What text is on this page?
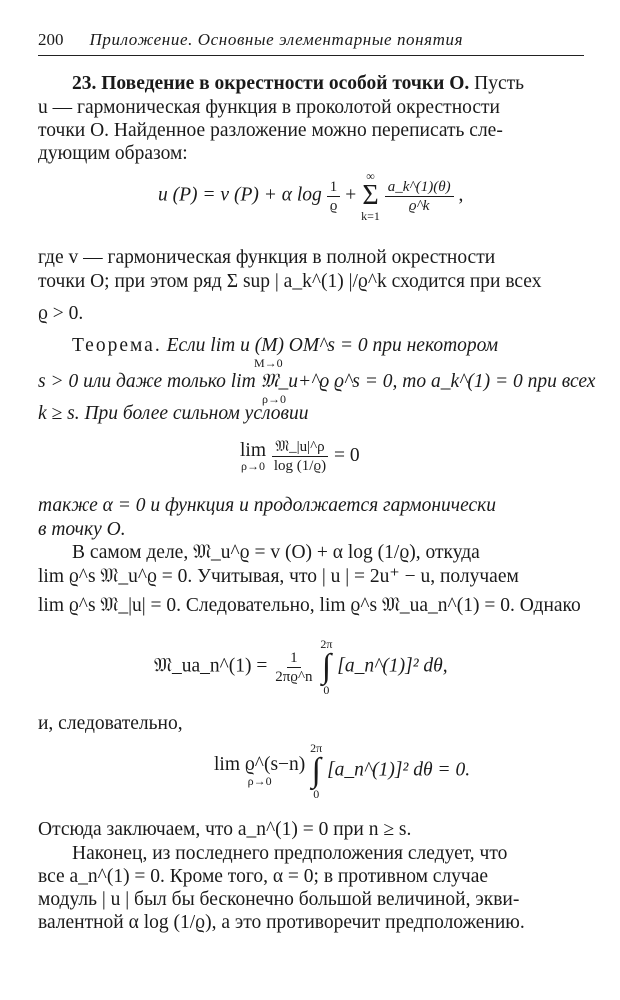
200 Приложение. Основные элементарные понятия
23. Поведение в окрестности особой точки O. Пусть
u — гармоническая функция в проколотой окрестности
точки O. Найденное разложение можно переписать сле-
дующим образом:
u (P) = v (P) + α $\log \frac{1}{ϱ}$ +
∞
Σ
k=1

$\frac{a\_k\^{}(1)(\theta)}{ϱ\^{}k}$ ,
где v — гармоническая функция в полной окрестности
точки O; при этом ряд Σ sup | a_k^(1) |/ϱ^k сходится при всех
ϱ > 0.
Теорема. Если lim u (M) OM^s = 0 при некотором
M→0
s > 0 или даже только lim 𝔐_u+^ϱ ϱ^s = 0, то a_k^(1) = 0 при всех
ρ→0
k ≥ s. При более сильном условии
lim
ρ→0
$\frac{\text{𝔐\_|u|\textasciicircum{}ρ}}{\log (1/ϱ)} = 0$
также α = 0 и функция u продолжается гармонически
в точку O.
В самом деле, 𝔐_u^ϱ = v (O) + α log (1/ϱ), откуда
lim ϱ^s 𝔐_u^ϱ = 0. Учитывая, что | u | = 2u⁺ − u, получаем
lim ϱ^s 𝔐_|u| = 0. Следовательно, lim ϱ^s 𝔐_ua_n^(1) = 0. Однако
𝔐_ua_n^(1) = $\frac{1}{2\pi ϱ\^{}n}$

2π
∫
0
[a_n^(1)]² dθ,
и, следовательно,
lim ϱ^(s−n)
ρ→0

2π
∫
0
[a_n^(1)]² dθ = 0.
Отсюда заключаем, что a_n^(1) = 0 при n ≥ s.
Наконец, из последнего предположения следует, что
все a_n^(1) = 0. Кроме того, α = 0; в противном случае
модуль | u | был бы бесконечно большой величиной, экви-
валентной α log (1/ϱ), а это противоречит предположению.
